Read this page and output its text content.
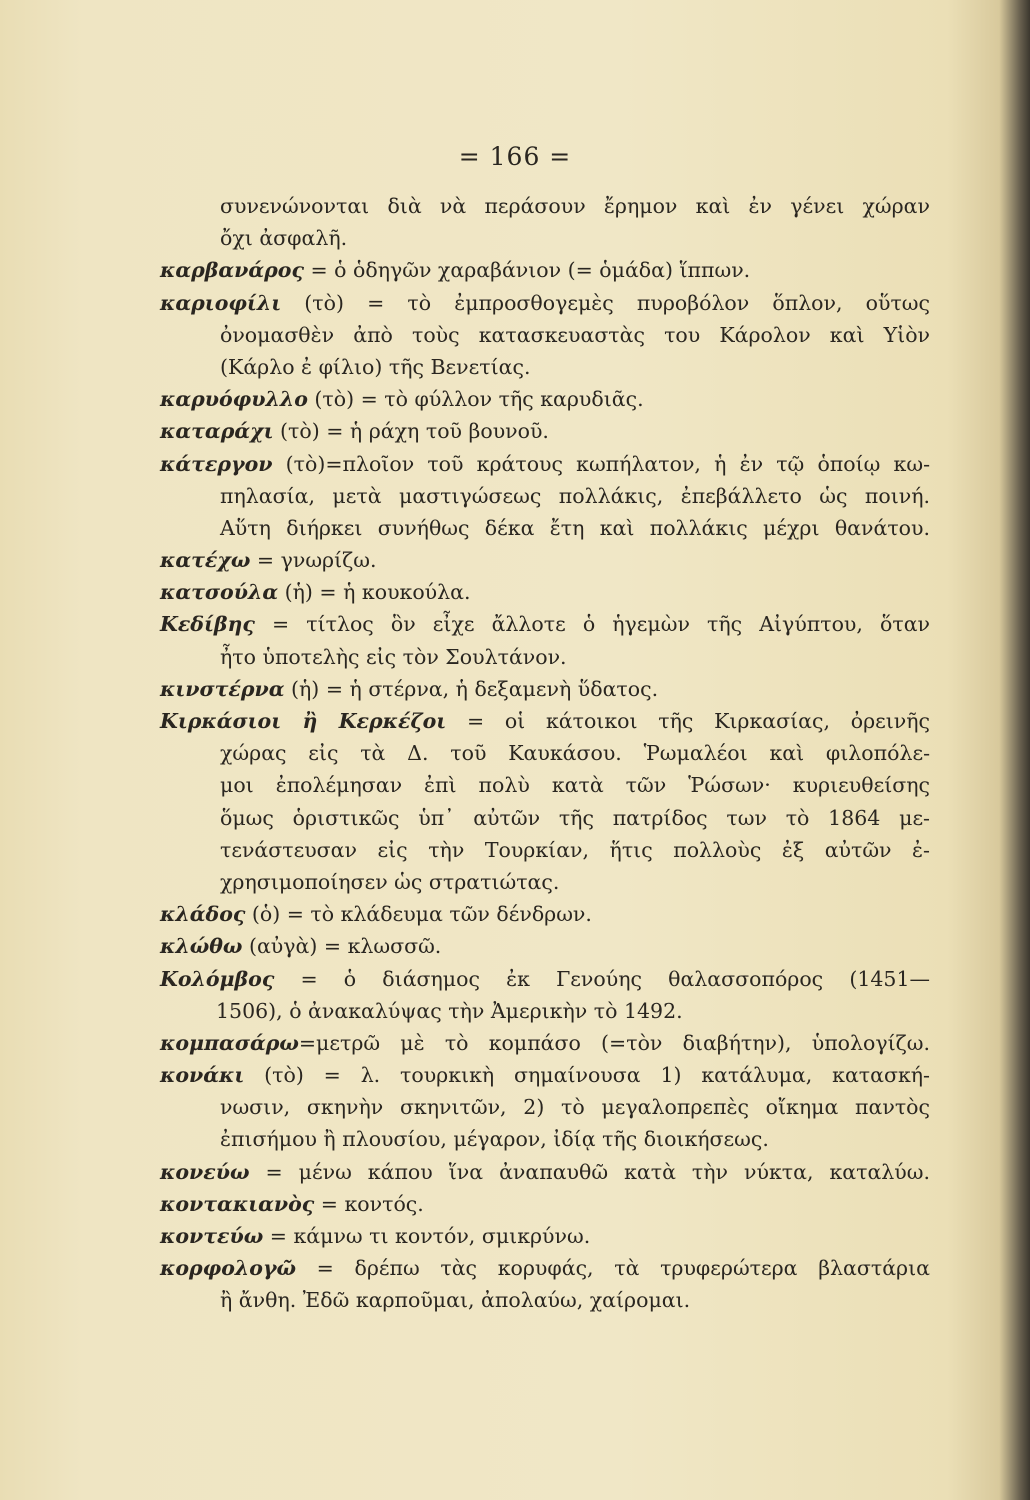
= 166 =
συνενώνονται διὰ νὰ περάσουν ἔρημον καὶ ἐν γένει χώραν
ὄχι ἀσφαλῆ.
καρβανάρος = ὁ ὁδηγῶν χαραβάνιον (= ὁμάδα) ἵππων.
καριοφίλι (τὸ) = τὸ ἐμπροσθογεμὲς πυροβόλον ὅπλον, οὕτως
ὀνομασθὲν ἀπὸ τοὺς κατασκευαστὰς του Κάρολον καὶ Υἱὸν
(Κάρλο ἐ φίλιο) τῆς Βενετίας.
καρυόφυλλο (τὸ) = τὸ φύλλον τῆς καρυδιᾶς.
καταράχι (τὸ) = ἡ ράχη τοῦ βουνοῦ.
κάτεργον (τὸ)=πλοῖον τοῦ κράτους κωπήλατον, ἡ ἐν τῷ ὁποίῳ κω-
πηλασία, μετὰ μαστιγώσεως πολλάκις, ἐπεβάλλετο ὡς ποινή.
Αὕτη διήρκει συνήθως δέκα ἔτη καὶ πολλάκις μέχρι θανάτου.
κατέχω = γνωρίζω.
κατσούλα (ἡ) = ἡ κουκούλα.
Κεδίβης = τίτλος ὃν εἶχε ἄλλοτε ὁ ἡγεμὼν τῆς Αἰγύπτου, ὅταν
ἦτο ὑποτελὴς εἰς τὸν Σουλτάνον.
κινστέρνα (ἡ) = ἡ στέρνα, ἡ δεξαμενὴ ὕδατος.
Κιρκάσιοι ἢ Κερκέζοι = οἱ κάτοικοι τῆς Κιρκασίας, ὀρεινῆς
χώρας εἰς τὰ Δ. τοῦ Καυκάσου. Ῥωμαλέοι καὶ φιλοπόλε-
μοι ἐπολέμησαν ἐπὶ πολὺ κατὰ τῶν Ῥώσων· κυριευθείσης
ὅμως ὁριστικῶς ὑπ᾽ αὐτῶν τῆς πατρίδος των τὸ 1864 με-
τενάστευσαν εἰς τὴν Τουρκίαν, ἥτις πολλοὺς ἐξ αὐτῶν ἐ-
χρησιμοποίησεν ὡς στρατιώτας.
κλάδος (ὁ) = τὸ κλάδευμα τῶν δένδρων.
κλώθω (αὐγὰ) = κλωσσῶ.
Κολόμβος = ὁ διάσημος ἐκ Γενούης θαλασσοπόρος (1451—
1506), ὁ ἀνακαλύψας τὴν Ἀμερικὴν τὸ 1492.
κομπασάρω=μετρῶ μὲ τὸ κομπάσο (=τὸν διαβήτην), ὑπολογίζω.
κονάκι (τὸ) = λ. τουρκικὴ σημαίνουσα 1) κατάλυμα, κατασκή-
νωσιν, σκηνὴν σκηνιτῶν, 2) τὸ μεγαλοπρεπὲς οἴκημα παντὸς
ἐπισήμου ἢ πλουσίου, μέγαρον, ἰδίᾳ τῆς διοικήσεως.
κονεύω = μένω κάπου ἵνα ἀναπαυθῶ κατὰ τὴν νύκτα, καταλύω.
κοντακιανὸς = κοντός.
κοντεύω = κάμνω τι κοντόν, σμικρύνω.
κορφολογῶ = δρέπω τὰς κορυφάς, τὰ τρυφερώτερα βλαστάρια
ἢ ἄνθη. Ἐδῶ καρποῦμαι, ἀπολαύω, χαίρομαι.
